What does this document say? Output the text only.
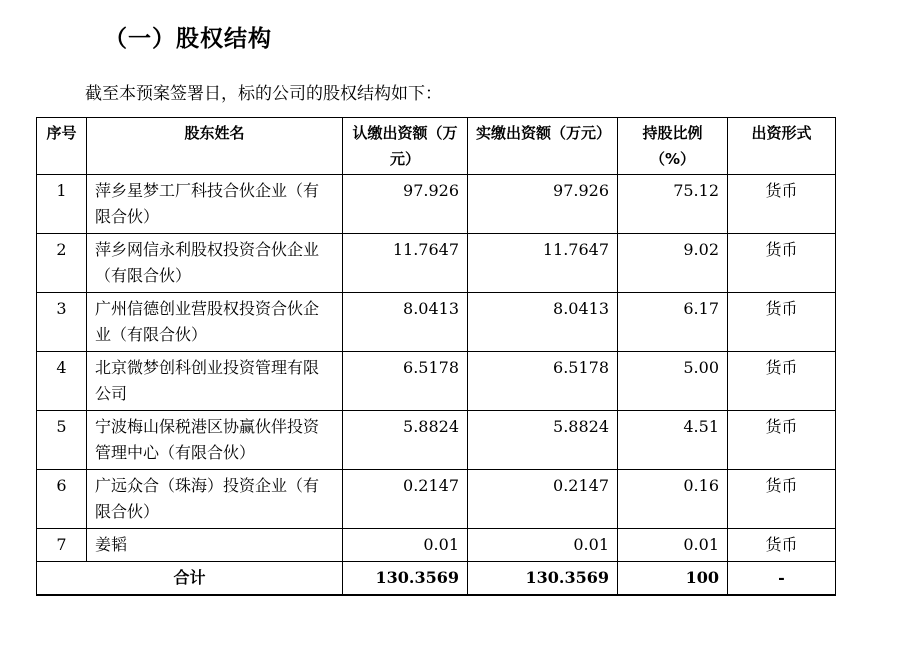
（一）股权结构
截至本预案签署日，标的公司的股权结构如下：
序号	股东姓名	认缴出资额（万元）	实缴出资额（万元）	持股比例（%）	出资形式
1	萍乡星梦工厂科技合伙企业（有限合伙）	97.926	97.926	75.12	货币
2	萍乡网信永利股权投资合伙企业（有限合伙）	11.7647	11.7647	9.02	货币
3	广州信德创业营股权投资合伙企业（有限合伙）	8.0413	8.0413	6.17	货币
4	北京微梦创科创业投资管理有限公司	6.5178	6.5178	5.00	货币
5	宁波梅山保税港区协赢伙伴投资管理中心（有限合伙）	5.8824	5.8824	4.51	货币
6	广远众合（珠海）投资企业（有限合伙）	0.2147	0.2147	0.16	货币
7	姜韬	0.01	0.01	0.01	货币
合计		130.3569	130.3569	100	-
